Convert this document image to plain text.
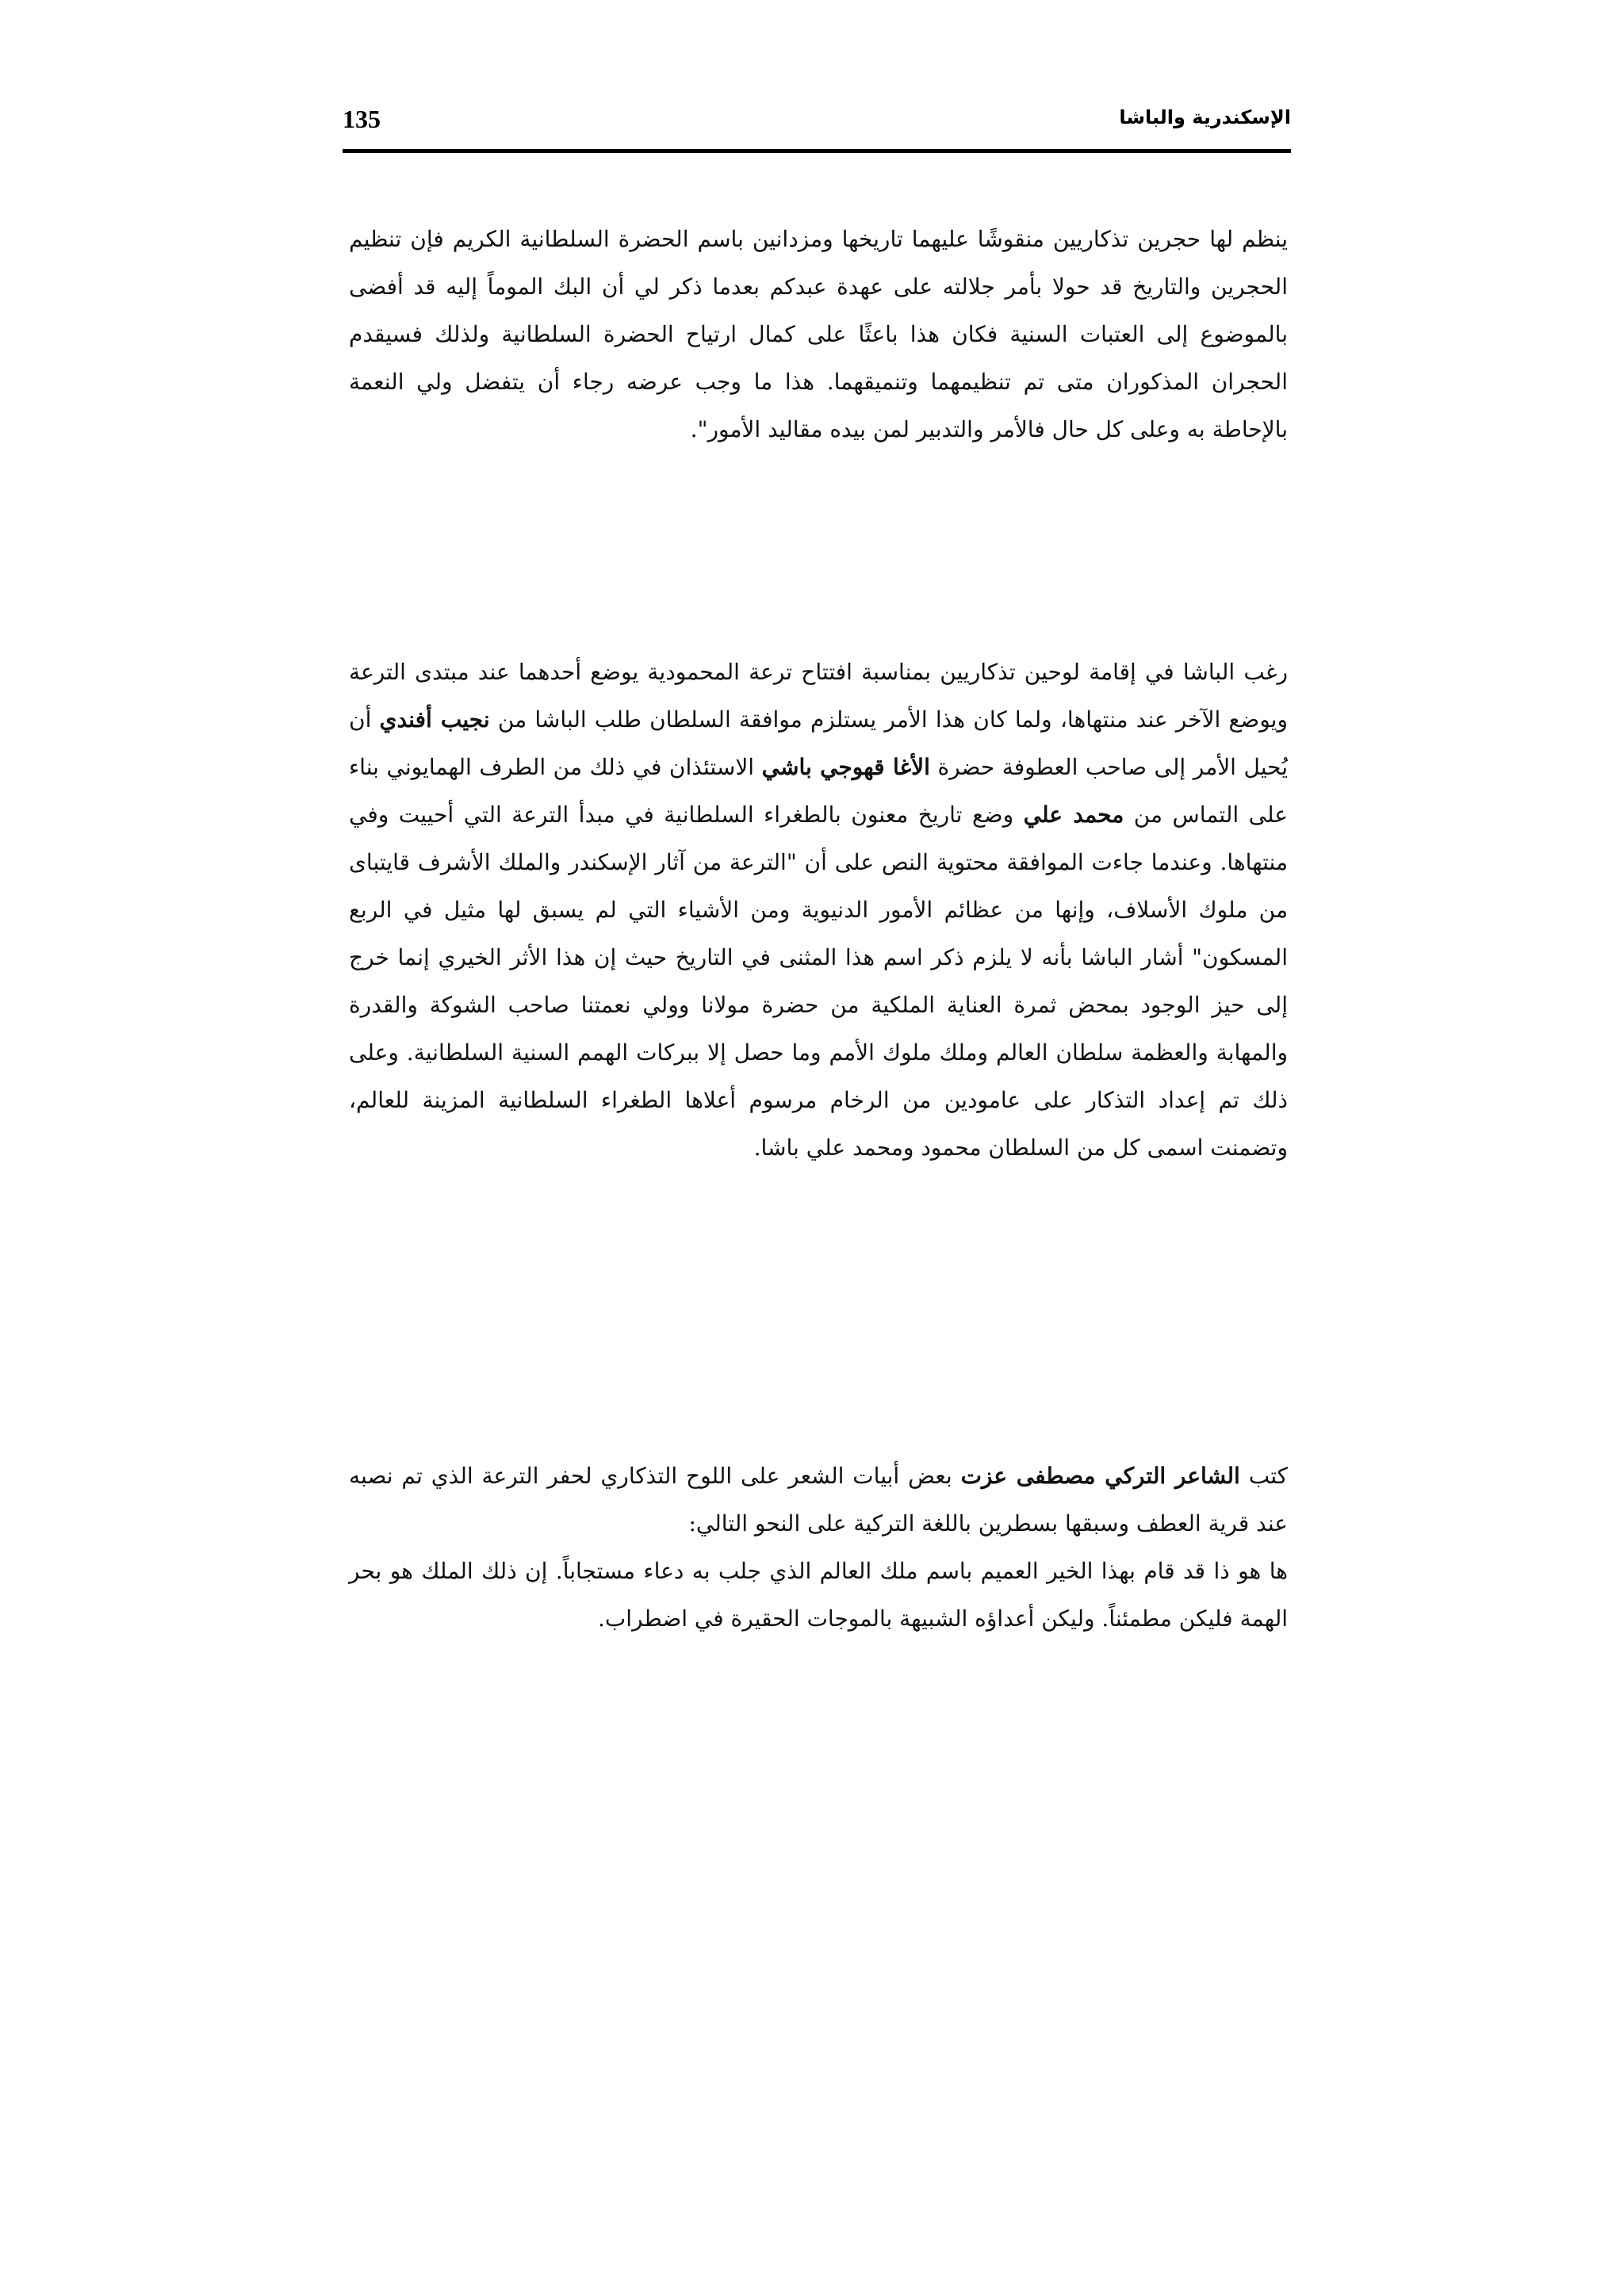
الإسكندرية والباشا
135

ينظم لها حجرين تذكاريين منقوشًا عليهما تاريخها ومزدانين باسم الحضرة السلطانية الكريم فإن تنظيم الحجرين والتاريخ قد حولا بأمر جلالته على عهدة عبدكم بعدما ذكر لي أن البك الموماً إليه قد أفضى بالموضوع إلى العتبات السنية فكان هذا باعثًا على كمال ارتياح الحضرة السلطانية ولذلك فسيقدم الحجران المذكوران متى تم تنظيمهما وتنميقهما. هذا ما وجب عرضه رجاء أن يتفضل ولي النعمة بالإحاطة به وعلى كل حال فالأمر والتدبير لمن بيده مقاليد الأمور".

رغب الباشا في إقامة لوحين تذكاريين بمناسبة افتتاح ترعة المحمودية يوضع أحدهما عند مبتدى الترعة ويوضع الآخر عند منتهاها، ولما كان هذا الأمر يستلزم موافقة السلطان طلب الباشا من نجيب أفندي أن يُحيل الأمر إلى صاحب العطوفة حضرة الأغا قهوجي باشي الاستئذان في ذلك من الطرف الهمايوني بناء على التماس من محمد علي وضع تاريخ معنون بالطغراء السلطانية في مبدأ الترعة التي أحييت وفي منتهاها. وعندما جاءت الموافقة محتوية النص على أن "الترعة من آثار الإسكندر والملك الأشرف قايتباى من ملوك الأسلاف، وإنها من عظائم الأمور الدنيوية ومن الأشياء التي لم يسبق لها مثيل في الربع المسكون" أشار الباشا بأنه لا يلزم ذكر اسم هذا المثنى في التاريخ حيث إن هذا الأثر الخيري إنما خرج إلى حيز الوجود بمحض ثمرة العناية الملكية من حضرة مولانا وولي نعمتنا صاحب الشوكة والقدرة والمهابة والعظمة سلطان العالم وملك ملوك الأمم وما حصل إلا ببركات الهمم السنية السلطانية. وعلى ذلك تم إعداد التذكار على عامودين من الرخام مرسوم أعلاها الطغراء السلطانية المزينة للعالم، وتضمنت اسمى كل من السلطان محمود ومحمد علي باشا.

كتب الشاعر التركي مصطفى عزت بعض أبيات الشعر على اللوح التذكاري لحفر الترعة الذي تم نصبه عند قرية العطف وسبقها بسطرين باللغة التركية على النحو التالي:

ها هو ذا قد قام بهذا الخير العميم باسم ملك العالم الذي جلب به دعاء مستجاباً. إن ذلك الملك هو بحر الهمة فليكن مطمئناً. وليكن أعداؤه الشبيهة بالموجات الحقيرة في اضطراب.
